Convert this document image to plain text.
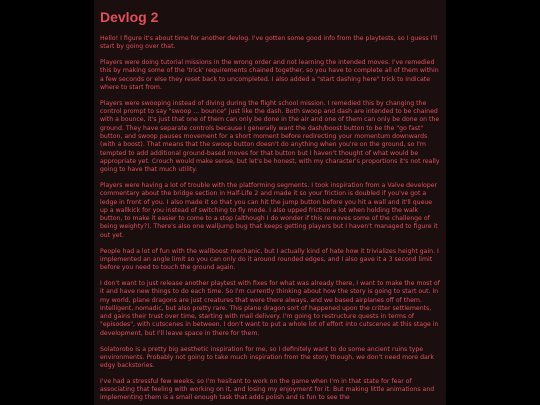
Devlog 2

Hello! I figure it's about time for another devlog. I've gotten some good info from the playtests, so I guess I'll start by going over that.

Players were doing tutorial missions in the wrong order and not learning the intended moves. I've remedied this by making some of the 'trick' requirements chained together, so you have to complete all of them within a few seconds or else they reset back to uncompleted. I also added a "start dashing here" trick to indicate where to start from.

Players were swooping instead of diving during the flight school mission. I remedied this by changing the control prompt to say "swoop ... bounce" just like the dash. Both swoop and dash are intended to be chained with a bounce, it's just that one of them can only be done in the air and one of them can only be done on the ground. They have separate controls because I generally want the dash/boost button to be the "go fast" button, and swoop pauses movement for a short moment before redirecting your momentum downwards (with a boost). That means that the swoop button doesn't do anything when you're on the ground, so I'm tempted to add additional ground-based moves for that button but I haven't thought of what would be appropriate yet. Crouch would make sense, but let's be honest, with my character's proportions it's not really going to have that much utility.

Players were having a lot of trouble with the platforming segments. I took inspiration from a Valve developer commentary about the bridge section in Half-Life 2 and made it so your friction is doubled if you've got a ledge in front of you. I also made it so that you can hit the jump button before you hit a wall and it'll queue up a wallkick for you instead of switching to fly mode. I also upped friction a lot when holding the walk button, to make it easier to come to a stop (although I do wonder if this removes some of the challenge of being weighty?). There's also one walljump bug that keeps getting players but I haven't managed to figure it out yet.

People had a lot of fun with the wallboost mechanic, but I actually kind of hate how it trivializes height gain. I implemented an angle limit so you can only do it around rounded edges, and I also gave it a 3 second limit before you need to touch the ground again.

I don't want to just release another playtest with fixes for what was already there, I want to make the most of it and have new things to do each time. So I'm currently thinking about how the story is going to start out. In my world, plane dragons are just creatures that were there always, and we based airplanes off of them. Intelligent, nomadic, but also pretty rare. This plane dragon sort of happened upon the critter settlements, and gains their trust over time, starting with mail delivery. I'm going to restructure quests in terms of "episodes", with cutscenes in between. I don't want to put a whole lot of effort into cutscenes at this stage in development, but I'll leave space in there for them.

Solatorobo is a pretty big aesthetic inspiration for me, so I definitely want to do some ancient ruins type environments. Probably not going to take much inspiration from the story though, we don't need more dark edgy backstories.

I've had a stressful few weeks, so I'm hesitant to work on the game when I'm in that state for fear of associating that feeling with working on it, and losing my enjoyment for it. But making little animations and implementing them is a small enough task that adds polish and is fun to see the
